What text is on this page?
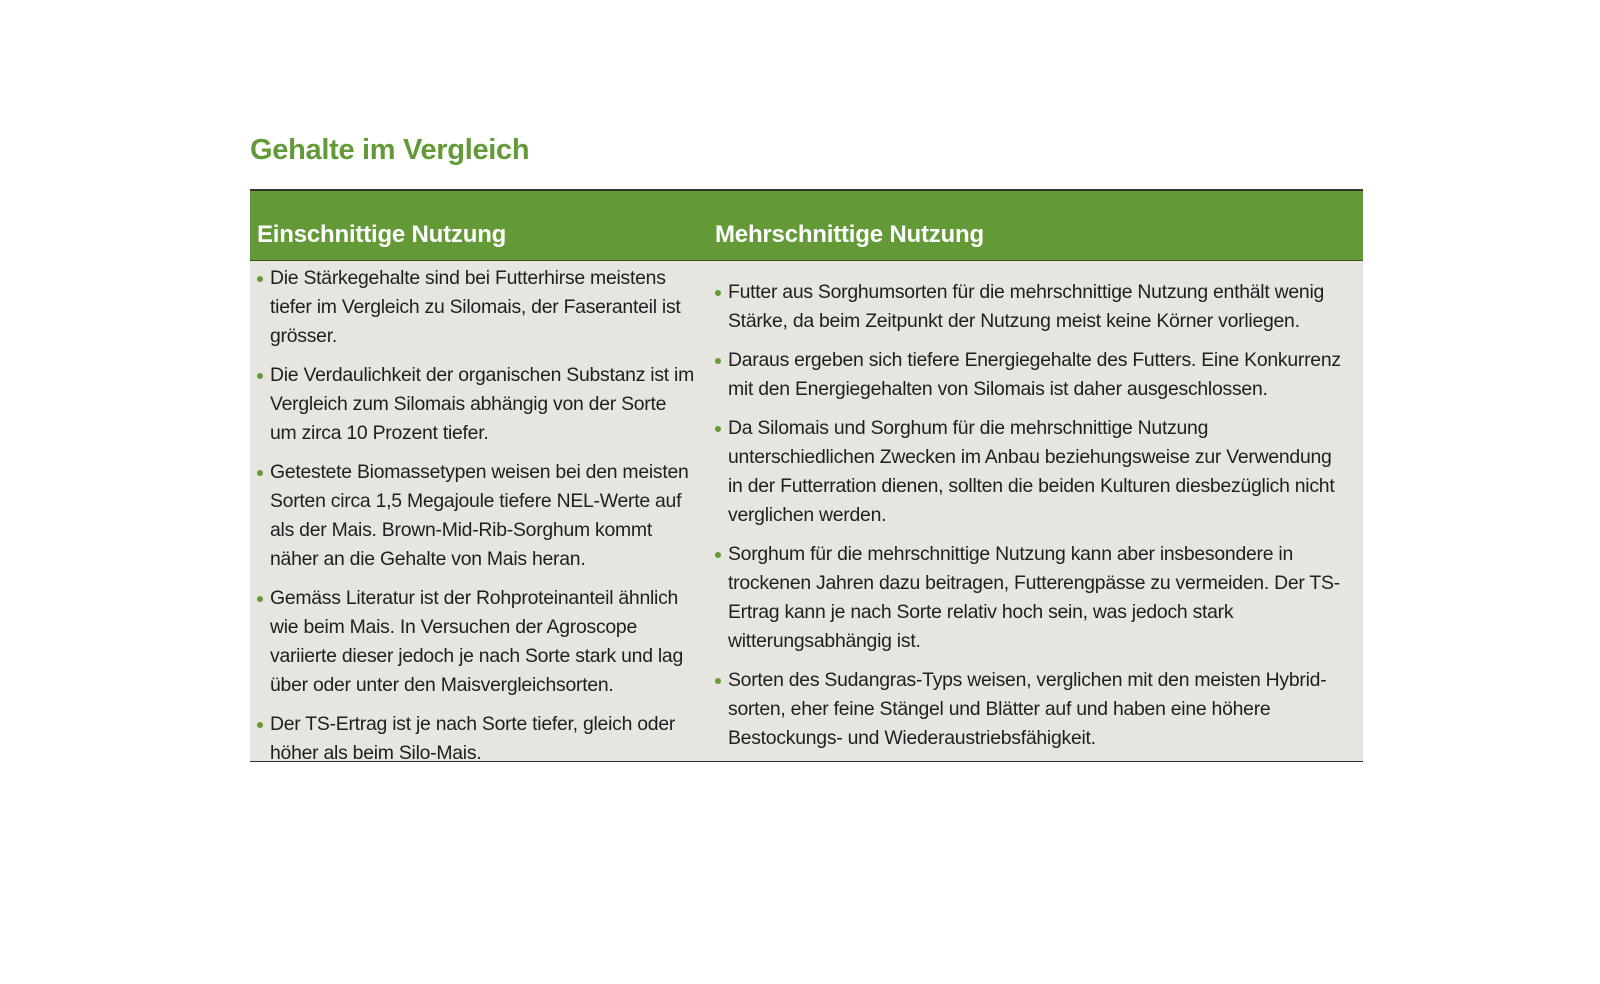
Gehalte im Vergleich
Einschnittige Nutzung	Mehrschnittige Nutzung
Die Stärkegehalte sind bei Futterhirse meistens tiefer im Vergleich zu Silomais, der Faseranteil ist grösser.
Die Verdaulichkeit der organischen Substanz ist im Vergleich zum Silomais abhängig von der Sorte um zirca 10 Prozent tiefer.
Getestete Biomassetypen weisen bei den meisten Sorten circa 1,5 Megajoule tiefere NEL-Werte auf als der Mais. Brown-Mid-Rib-Sorghum kommt näher an die Gehalte von Mais heran.
Gemäss Literatur ist der Rohproteinanteil ähnlich wie beim Mais. In Versuchen der Agroscope variierte dieser jedoch je nach Sorte stark und lag über oder unter den Maisvergleichsorten.
Der TS-Ertrag ist je nach Sorte tiefer, gleich oder höher als beim Silo-Mais.
Futter aus Sorghumsorten für die mehrschnittige Nutzung enthält wenig Stärke, da beim Zeitpunkt der Nutzung meist keine Körner vorliegen.
Daraus ergeben sich tiefere Energiegehalte des Futters. Eine Konkurrenz mit den Energiegehalten von Silomais ist daher ausgeschlossen.
Da Silomais und Sorghum für die mehrschnittige Nutzung unterschiedlichen Zwecken im Anbau beziehungsweise zur Verwendung in der Futterration dienen, sollten die beiden Kulturen diesbezüglich nicht verglichen werden.
Sorghum für die mehrschnittige Nutzung kann aber insbesondere in trockenen Jahren dazu beitragen, Futterengpässe zu vermeiden. Der TS-Ertrag kann je nach Sorte relativ hoch sein, was jedoch stark witterungsabhängig ist.
Sorten des Sudangras-Typs weisen, verglichen mit den meisten Hybrid-sorten, eher feine Stängel und Blätter auf und haben eine höhere Bestockungs- und Wiederaustriebsfähigkeit.
